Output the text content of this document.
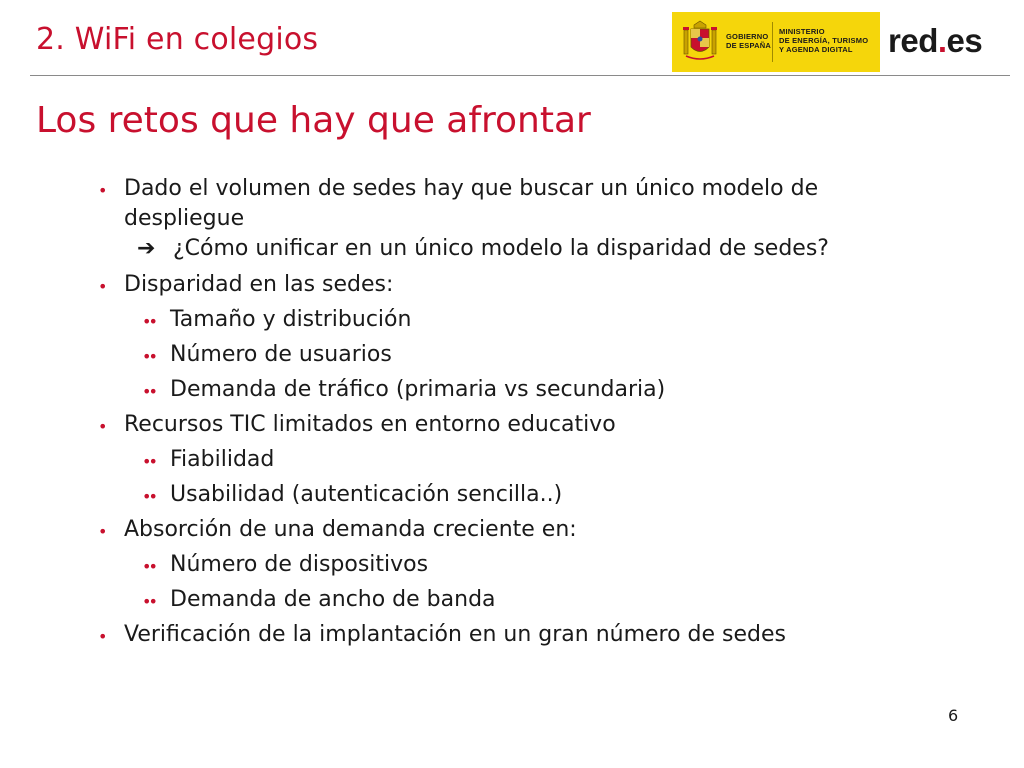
2. WiFi en colegios	GOBIERNO
DE ESPAÑA
MINISTERIO
DE ENERGÍA, TURISMO
Y AGENDA DIGITAL	red.es
Los retos que hay que afrontar
• Dado el volumen de sedes hay que buscar un único modelo de despliegue
➔ ¿Cómo unificar en un único modelo la disparidad de sedes?
• Disparidad en las sedes:
•• Tamaño y distribución
•• Número de usuarios
•• Demanda de tráfico (primaria vs secundaria)
• Recursos TIC limitados en entorno educativo
•• Fiabilidad
•• Usabilidad (autenticación sencilla..)
• Absorción de una demanda creciente en:
•• Número de dispositivos
•• Demanda de ancho de banda
• Verificación de la implantación en un gran número de sedes
6
